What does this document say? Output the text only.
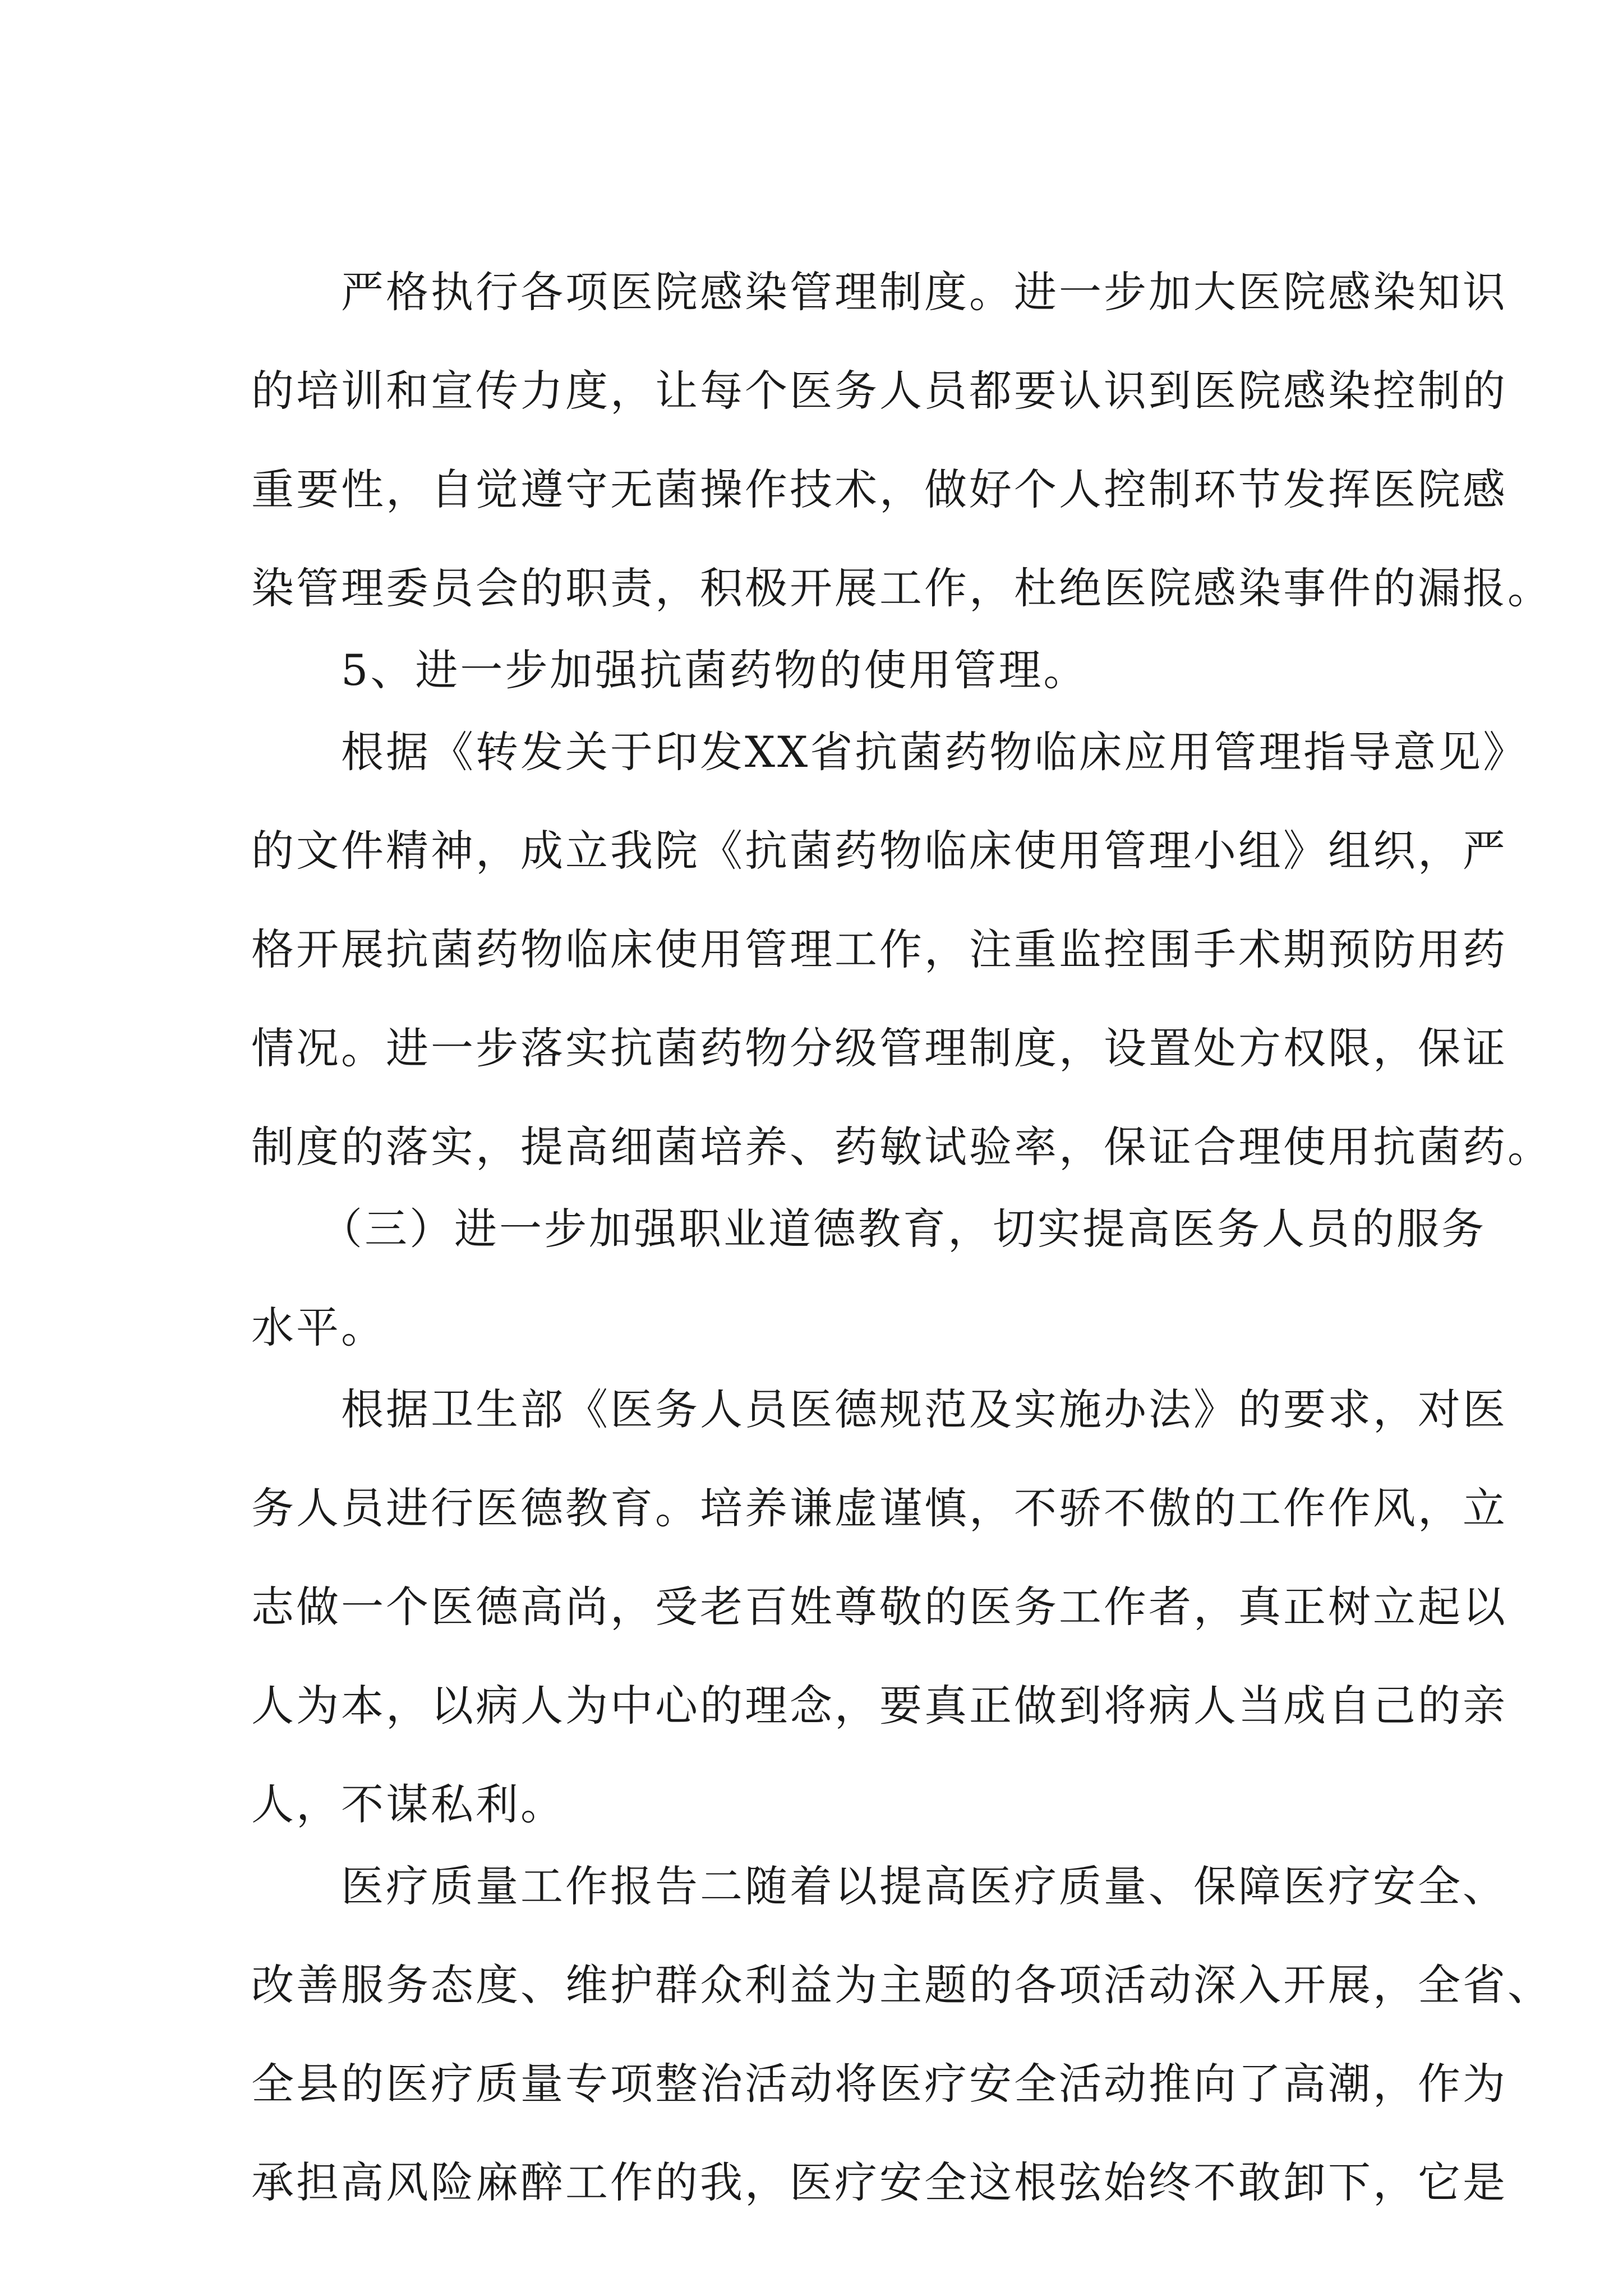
　　严格执行各项医院感染管理制度。进一步加大医院感染知识
的培训和宣传力度，让每个医务人员都要认识到医院感染控制的
重要性，自觉遵守无菌操作技术，做好个人控制环节发挥医院感
染管理委员会的职责，积极开展工作，杜绝医院感染事件的漏报。
　　5、进一步加强抗菌药物的使用管理。
　　根据《转发关于印发XX省抗菌药物临床应用管理指导意见》
的文件精神，成立我院《抗菌药物临床使用管理小组》组织，严
格开展抗菌药物临床使用管理工作，注重监控围手术期预防用药
情况。进一步落实抗菌药物分级管理制度，设置处方权限，保证
制度的落实，提高细菌培养、药敏试验率，保证合理使用抗菌药。
　　（三）进一步加强职业道德教育，切实提高医务人员的服务
水平。
　　根据卫生部《医务人员医德规范及实施办法》的要求，对医
务人员进行医德教育。培养谦虚谨慎，不骄不傲的工作作风，立
志做一个医德高尚，受老百姓尊敬的医务工作者，真正树立起以
人为本，以病人为中心的理念，要真正做到将病人当成自己的亲
人，不谋私利。
　　医疗质量工作报告二随着以提高医疗质量、保障医疗安全、
改善服务态度、维护群众利益为主题的各项活动深入开展，全省、
全县的医疗质量专项整治活动将医疗安全活动推向了高潮，作为
承担高风险麻醉工作的我，医疗安全这根弦始终不敢卸下，它是
